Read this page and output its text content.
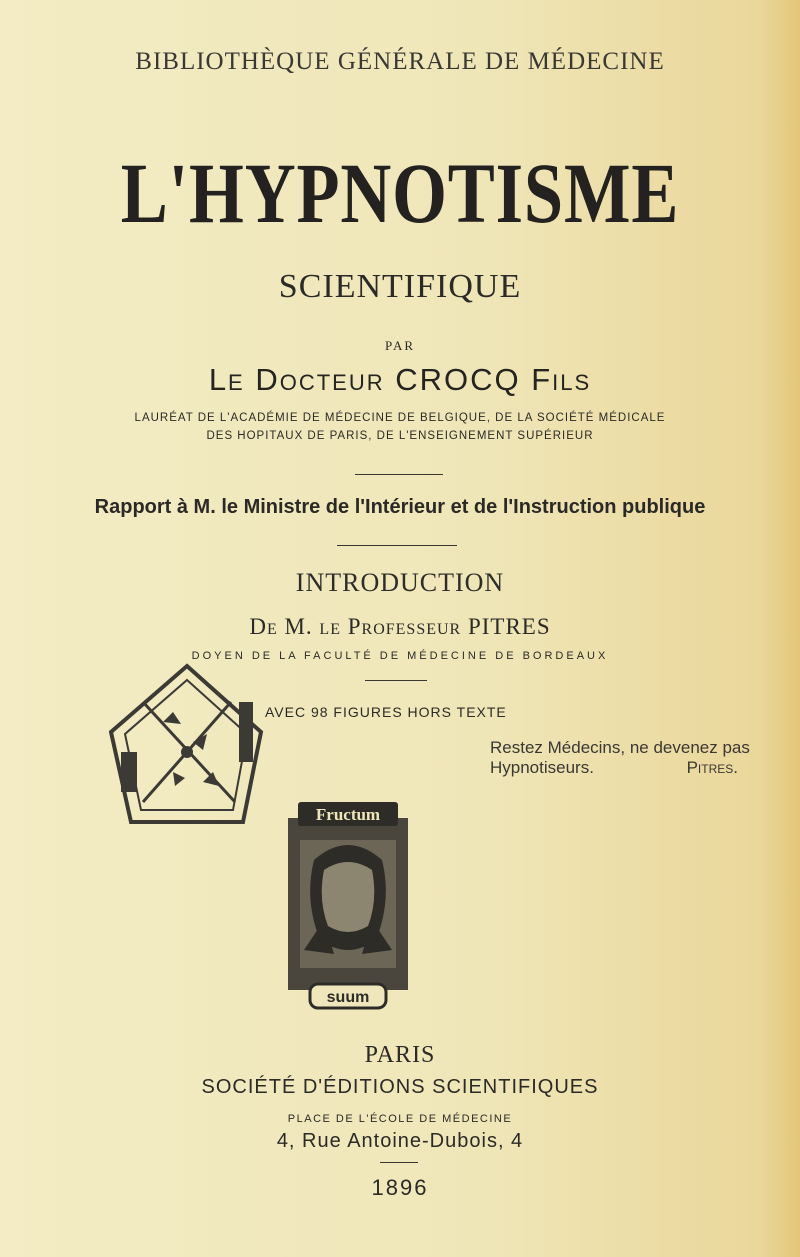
BIBLIOTHÈQUE GÉNÉRALE DE MÉDECINE
L'HYPNOTISME
SCIENTIFIQUE
PAR
Le Docteur CROCQ Fils
LAURÉAT DE L'ACADÉMIE DE MÉDECINE DE BELGIQUE, DE LA SOCIÉTÉ MÉDICALE
DES HOPITAUX DE PARIS, DE L'ENSEIGNEMENT SUPÉRIEUR
Rapport à M. le Ministre de l'Intérieur et de l'Instruction publique
INTRODUCTION
De M. le Professeur PITRES
DOYEN DE LA FACULTÉ DE MÉDECINE DE BORDEAUX
AVEC 98 FIGURES HORS TEXTE
Restez Médecins, ne devenez pas
Hypnotiseurs.	Pitres.
Fructum
suum
PARIS
SOCIÉTÉ D'ÉDITIONS SCIENTIFIQUES
PLACE DE L'ÉCOLE DE MÉDECINE
4, Rue Antoine-Dubois, 4
1896
